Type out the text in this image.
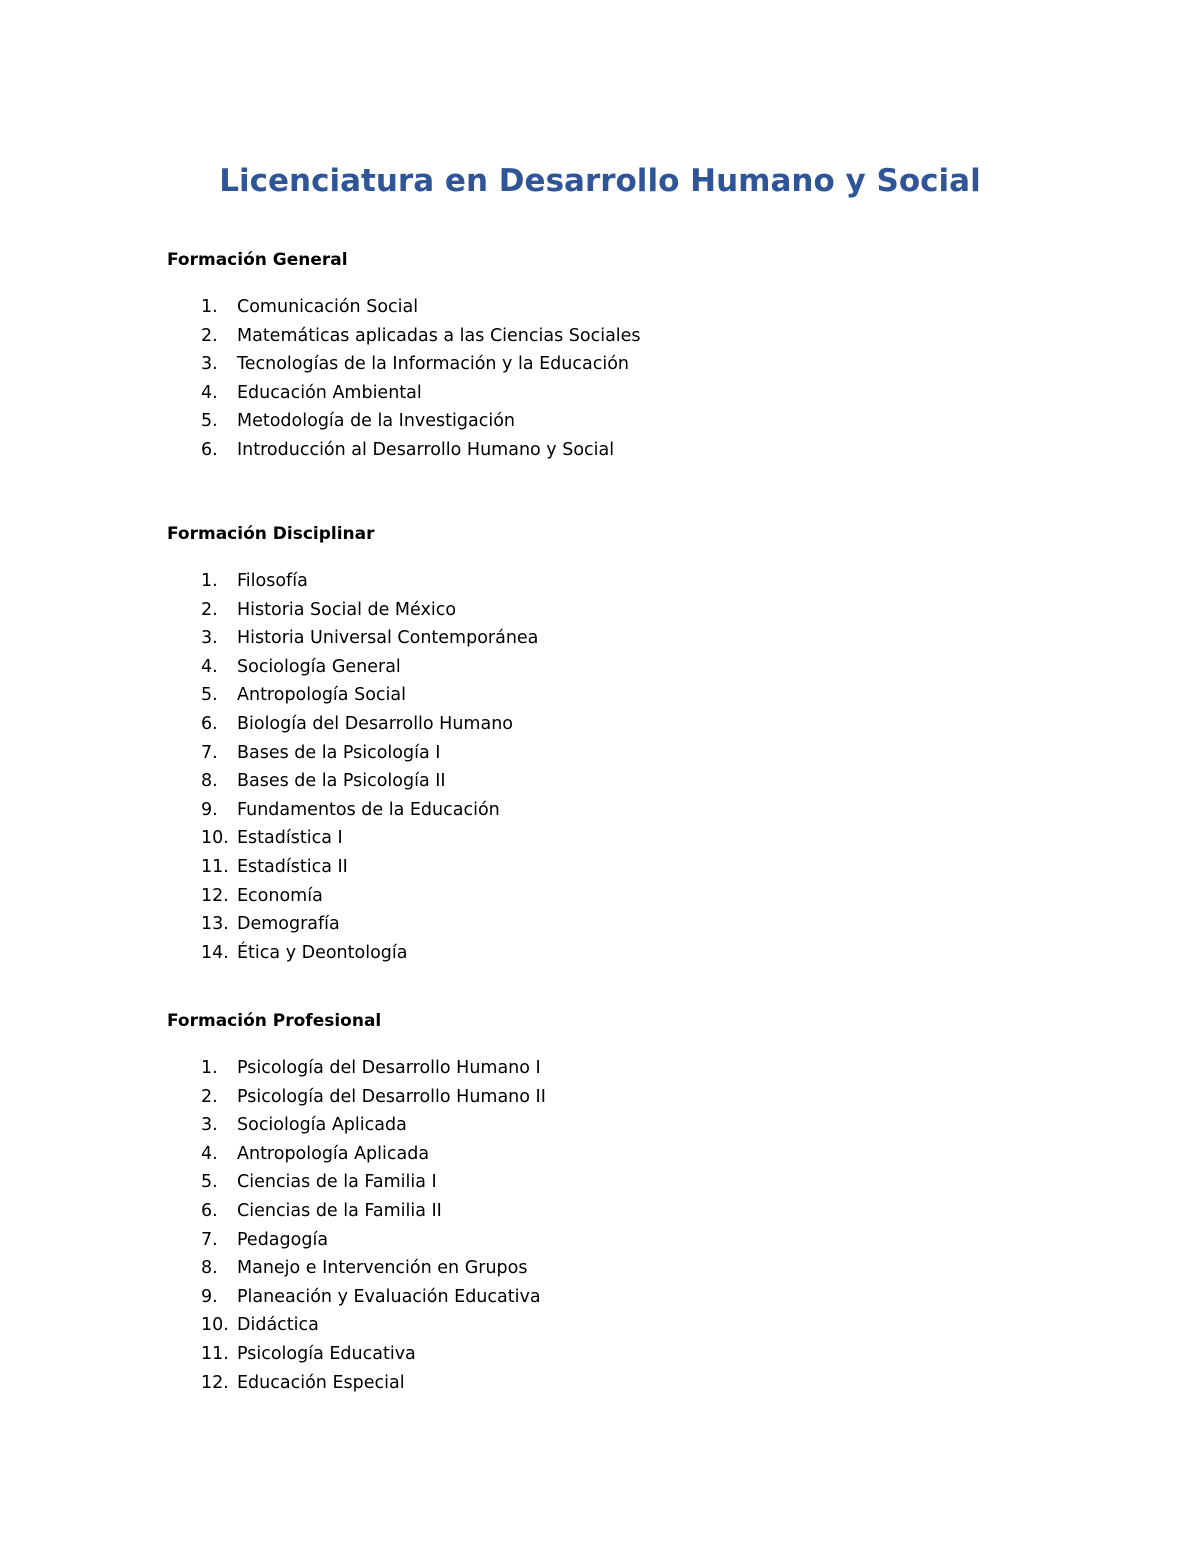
Licenciatura en Desarrollo Humano y Social
Formación General
1.	Comunicación Social
2.	Matemáticas aplicadas a las Ciencias Sociales
3.	Tecnologías de la Información y la Educación
4.	Educación Ambiental
5.	Metodología de la Investigación
6.	Introducción al Desarrollo Humano y Social
Formación Disciplinar
1.	Filosofía
2.	Historia Social de México
3.	Historia Universal Contemporánea
4.	Sociología General
5.	Antropología Social
6.	Biología del Desarrollo Humano
7.	Bases de la Psicología I
8.	Bases de la Psicología II
9.	Fundamentos de la Educación
10. Estadística I
11. Estadística II
12. Economía
13. Demografía
14. Ética y Deontología
Formación Profesional
1.	Psicología del Desarrollo Humano I
2.	Psicología del Desarrollo Humano II
3.	Sociología Aplicada
4.	Antropología Aplicada
5.	Ciencias de la Familia I
6.	Ciencias de la Familia II
7.	Pedagogía
8.	Manejo e Intervención en Grupos
9.	Planeación y Evaluación Educativa
10. Didáctica
11. Psicología Educativa
12. Educación Especial
